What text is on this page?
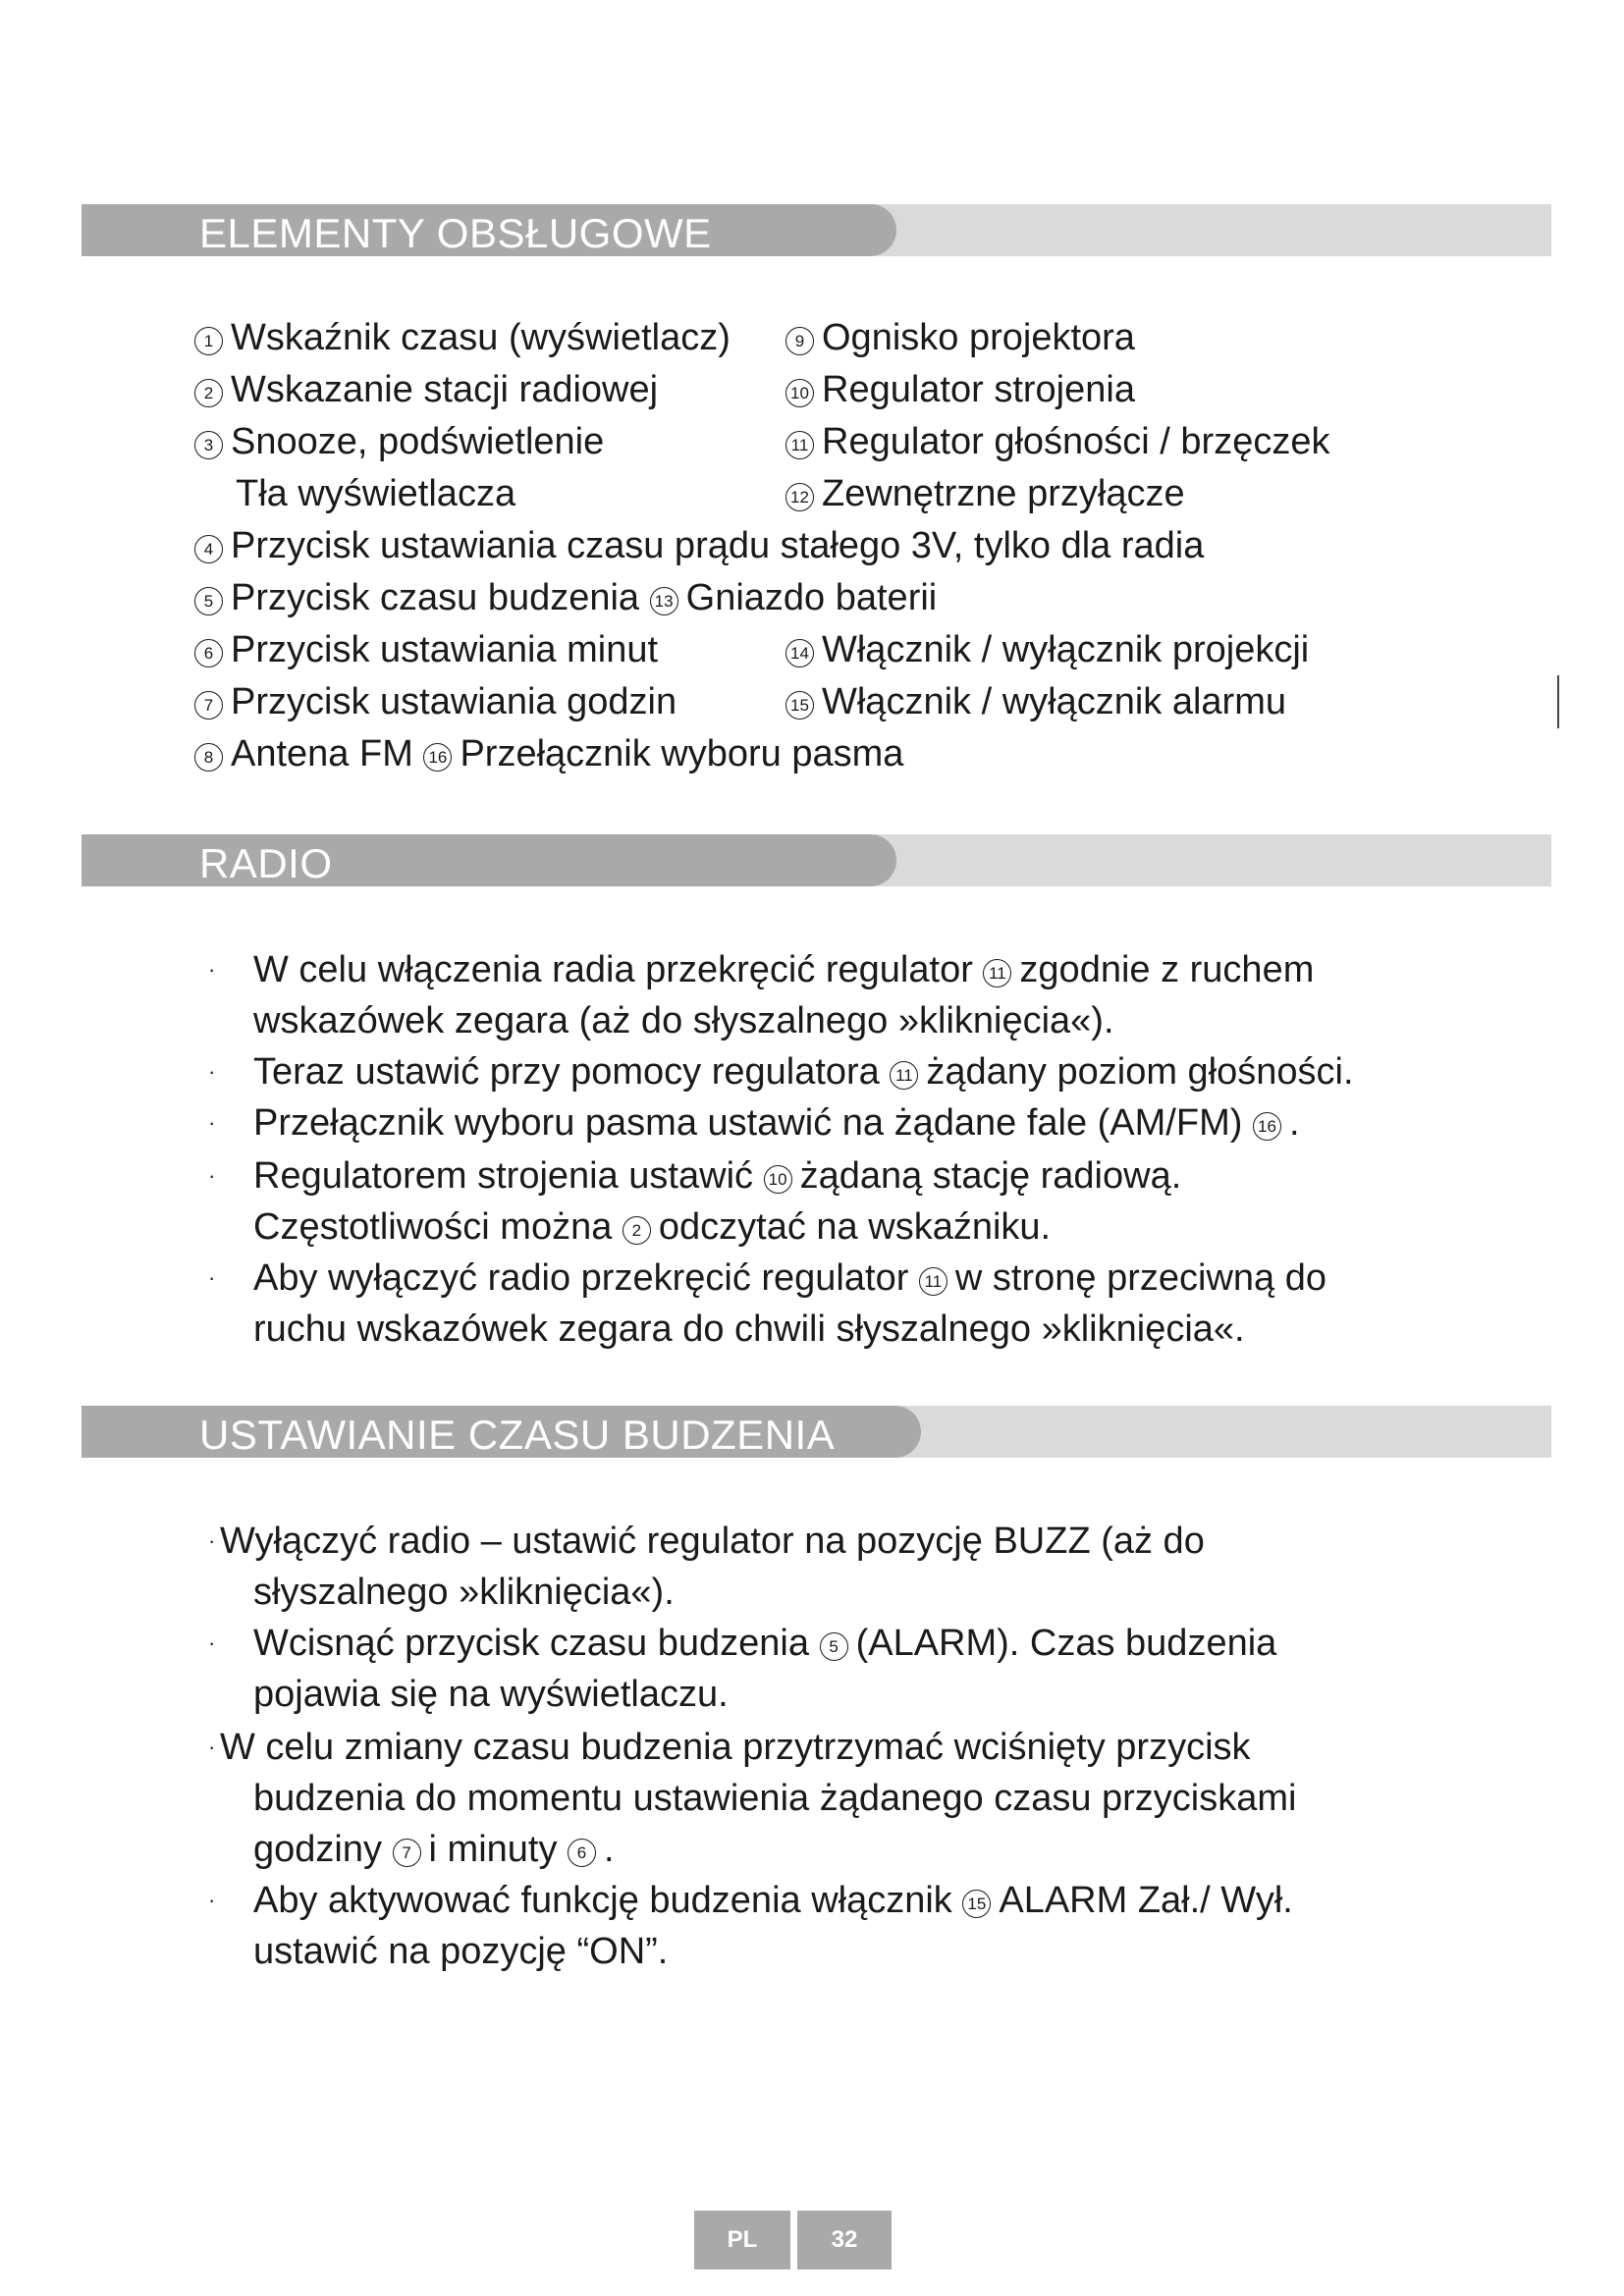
ELEMENTY OBSŁUGOWE
1 Wskaźnik czasu (wyświetlacz)	9 Ognisko projektora
2 Wskazanie stacji radiowej	10 Regulator strojenia
3 Snooze, podświetlenie	11 Regulator głośności / brzęczek
Tła wyświetlacza	12 Zewnętrzne przyłącze
4 Przycisk ustawiania czasu prądu stałego 3V, tylko dla radia
5 Przycisk czasu budzenia 13 Gniazdo baterii
6 Przycisk ustawiania minut	14 Włącznik / wyłącznik projekcji
7 Przycisk ustawiania godzin	15 Włącznik / wyłącznik alarmu
8 Antena FM 16 Przełącznik wyboru pasma
RADIO
· W celu włączenia radia przekręcić regulator 11 zgodnie z ruchem
wskazówek zegara (aż do słyszalnego »kliknięcia«).
· Teraz ustawić przy pomocy regulatora 11 żądany poziom głośności.
· Przełącznik wyboru pasma ustawić na żądane fale (AM/FM) 16 .
· Regulatorem strojenia ustawić 10 żądaną stację radiową.
Częstotliwości można 2 odczytać na wskaźniku.
· Aby wyłączyć radio przekręcić regulator 11 w stronę przeciwną do
ruchu wskazówek zegara do chwili słyszalnego »kliknięcia«.
USTAWIANIE CZASU BUDZENIA
· Wyłączyć radio – ustawić regulator na pozycję BUZZ (aż do
słyszalnego »kliknięcia«).
· Wcisnąć przycisk czasu budzenia 5 (ALARM). Czas budzenia
pojawia się na wyświetlaczu.
· W celu zmiany czasu budzenia przytrzymać wciśnięty przycisk
budzenia do momentu ustawienia żądanego czasu przyciskami
godziny 7 i minuty 6 .
· Aby aktywować funkcję budzenia włącznik 15 ALARM Zał./ Wył.
ustawić na pozycję “ON”.
PL	32
